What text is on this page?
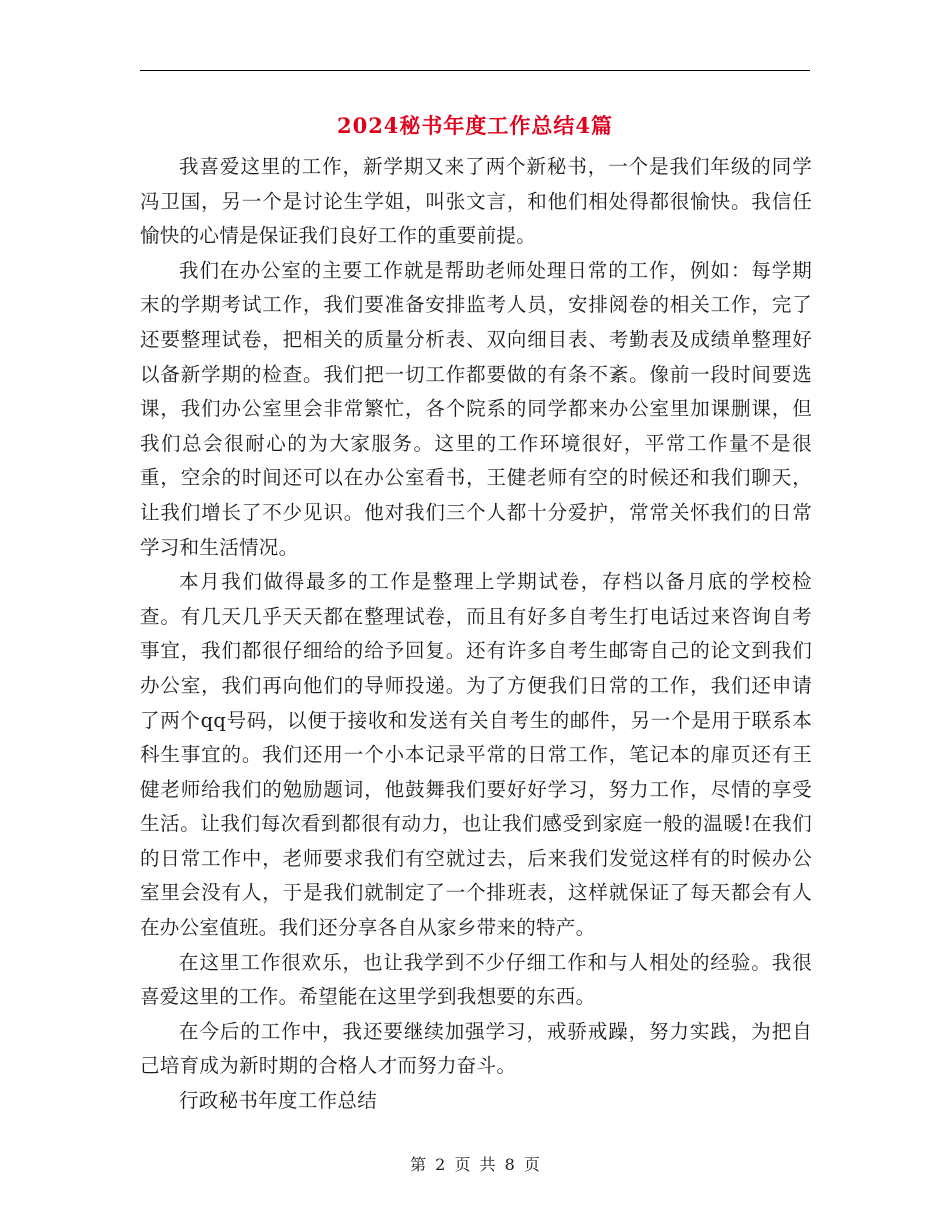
2024秘书年度工作总结4篇

我喜爱这里的工作，新学期又来了两个新秘书，一个是我们年级的同学冯卫国，另一个是讨论生学姐，叫张文言，和他们相处得都很愉快。我信任愉快的心情是保证我们良好工作的重要前提。

我们在办公室的主要工作就是帮助老师处理日常的工作，例如：每学期末的学期考试工作，我们要准备安排监考人员，安排阅卷的相关工作，完了还要整理试卷，把相关的质量分析表、双向细目表、考勤表及成绩单整理好以备新学期的检查。我们把一切工作都要做的有条不紊。像前一段时间要选课，我们办公室里会非常繁忙，各个院系的同学都来办公室里加课删课，但我们总会很耐心的为大家服务。这里的工作环境很好，平常工作量不是很重，空余的时间还可以在办公室看书，王健老师有空的时候还和我们聊天，让我们增长了不少见识。他对我们三个人都十分爱护，常常关怀我们的日常学习和生活情况。

本月我们做得最多的工作是整理上学期试卷，存档以备月底的学校检查。有几天几乎天天都在整理试卷，而且有好多自考生打电话过来咨询自考事宜，我们都很仔细给的给予回复。还有许多自考生邮寄自己的论文到我们办公室，我们再向他们的导师投递。为了方便我们日常的工作，我们还申请了两个qq号码，以便于接收和发送有关自考生的邮件，另一个是用于联系本科生事宜的。我们还用一个小本记录平常的日常工作，笔记本的扉页还有王健老师给我们的勉励题词，他鼓舞我们要好好学习，努力工作，尽情的享受生活。让我们每次看到都很有动力，也让我们感受到家庭一般的温暖!在我们的日常工作中，老师要求我们有空就过去，后来我们发觉这样有的时候办公室里会没有人，于是我们就制定了一个排班表，这样就保证了每天都会有人在办公室值班。我们还分享各自从家乡带来的特产。

在这里工作很欢乐，也让我学到不少仔细工作和与人相处的经验。我很喜爱这里的工作。希望能在这里学到我想要的东西。

在今后的工作中，我还要继续加强学习，戒骄戒躁，努力实践，为把自己培育成为新时期的合格人才而努力奋斗。

行政秘书年度工作总结

第 2 页 共 8 页
